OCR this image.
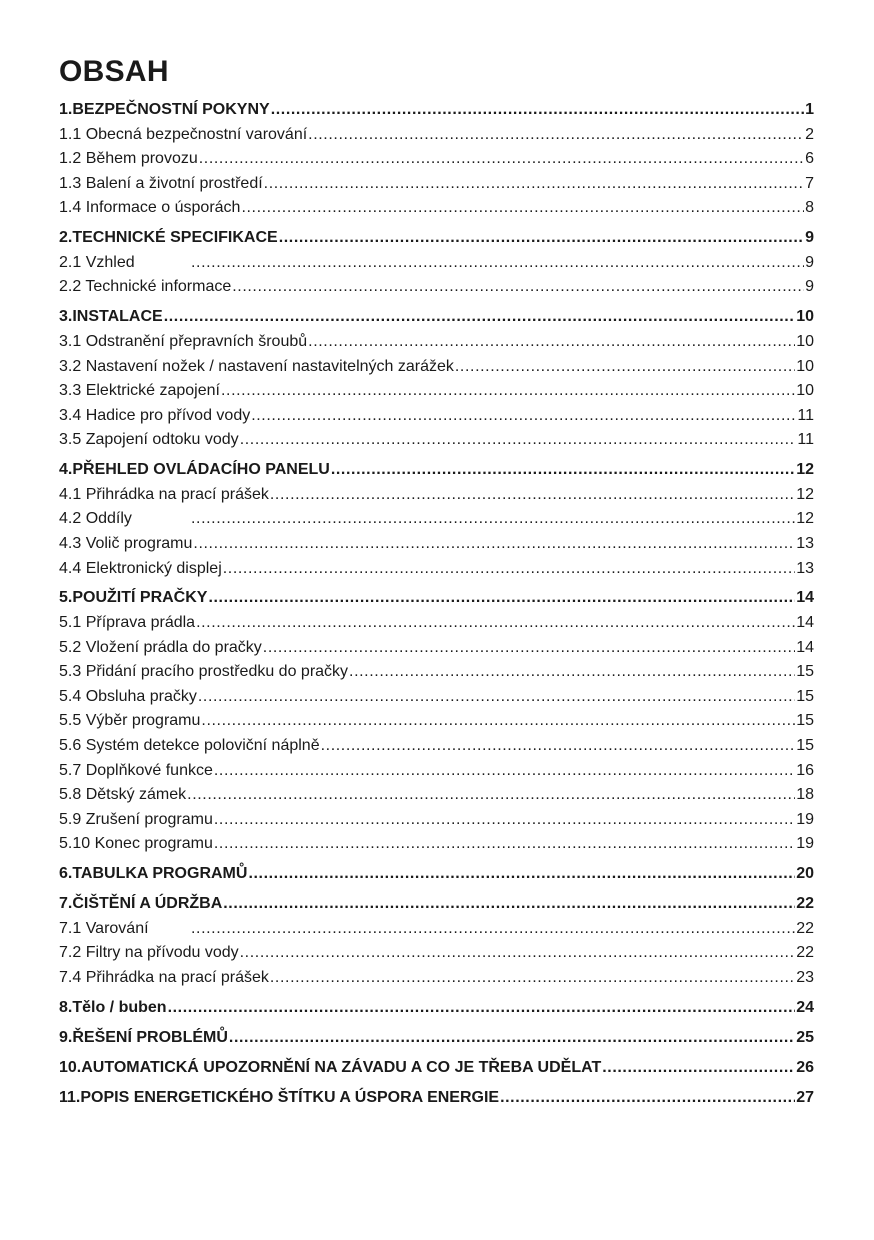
OBSAH
1.BEZPEČNOSTNÍ POKYNY .....	1
1.1 Obecná bezpečnostní varování .....	2
1.2 Během provozu .....	6
1.3 Balení a životní prostředí .....	7
1.4 Informace o úsporách .....	8
2.TECHNICKÉ SPECIFIKACE .....	9
2.1 Vzhled .....	9
2.2 Technické informace .....	9
3.INSTALACE .....	10
3.1 Odstranění přepravních šroubů .....	10
3.2 Nastavení nožek / nastavení nastavitelných zarážek .....	10
3.3 Elektrické zapojení .....	10
3.4 Hadice pro přívod vody .....	11
3.5 Zapojení odtoku vody .....	11
4.PŘEHLED OVLÁDACÍHO PANELU .....	12
4.1 Přihrádka na prací prášek .....	12
4.2 Oddíly .....	12
4.3 Volič programu .....	13
4.4 Elektronický displej .....	13
5.POUŽITÍ PRAČKY .....	14
5.1 Příprava prádla .....	14
5.2 Vložení prádla do pračky .....	14
5.3 Přidání pracího prostředku do pračky .....	15
5.4 Obsluha pračky .....	15
5.5 Výběr programu .....	15
5.6 Systém detekce poloviční náplně .....	15
5.7 Doplňkové funkce .....	16
5.8 Dětský zámek .....	18
5.9 Zrušení programu .....	19
5.10 Konec programu .....	19
6.TABULKA PROGRAMŮ .....	20
7.ČIŠTĚNÍ A ÚDRŽBA .....	22
7.1 Varování .....	22
7.2 Filtry na přívodu vody .....	22
7.4 Přihrádka na prací prášek .....	23
8.Tělo / buben .....	24
9.ŘEŠENÍ PROBLÉMŮ .....	25
10.AUTOMATICKÁ UPOZORNĚNÍ NA ZÁVADU A CO JE TŘEBA UDĚLAT .....	26
11.POPIS ENERGETICKÉHO ŠTÍTKU A ÚSPORA ENERGIE .....	27
